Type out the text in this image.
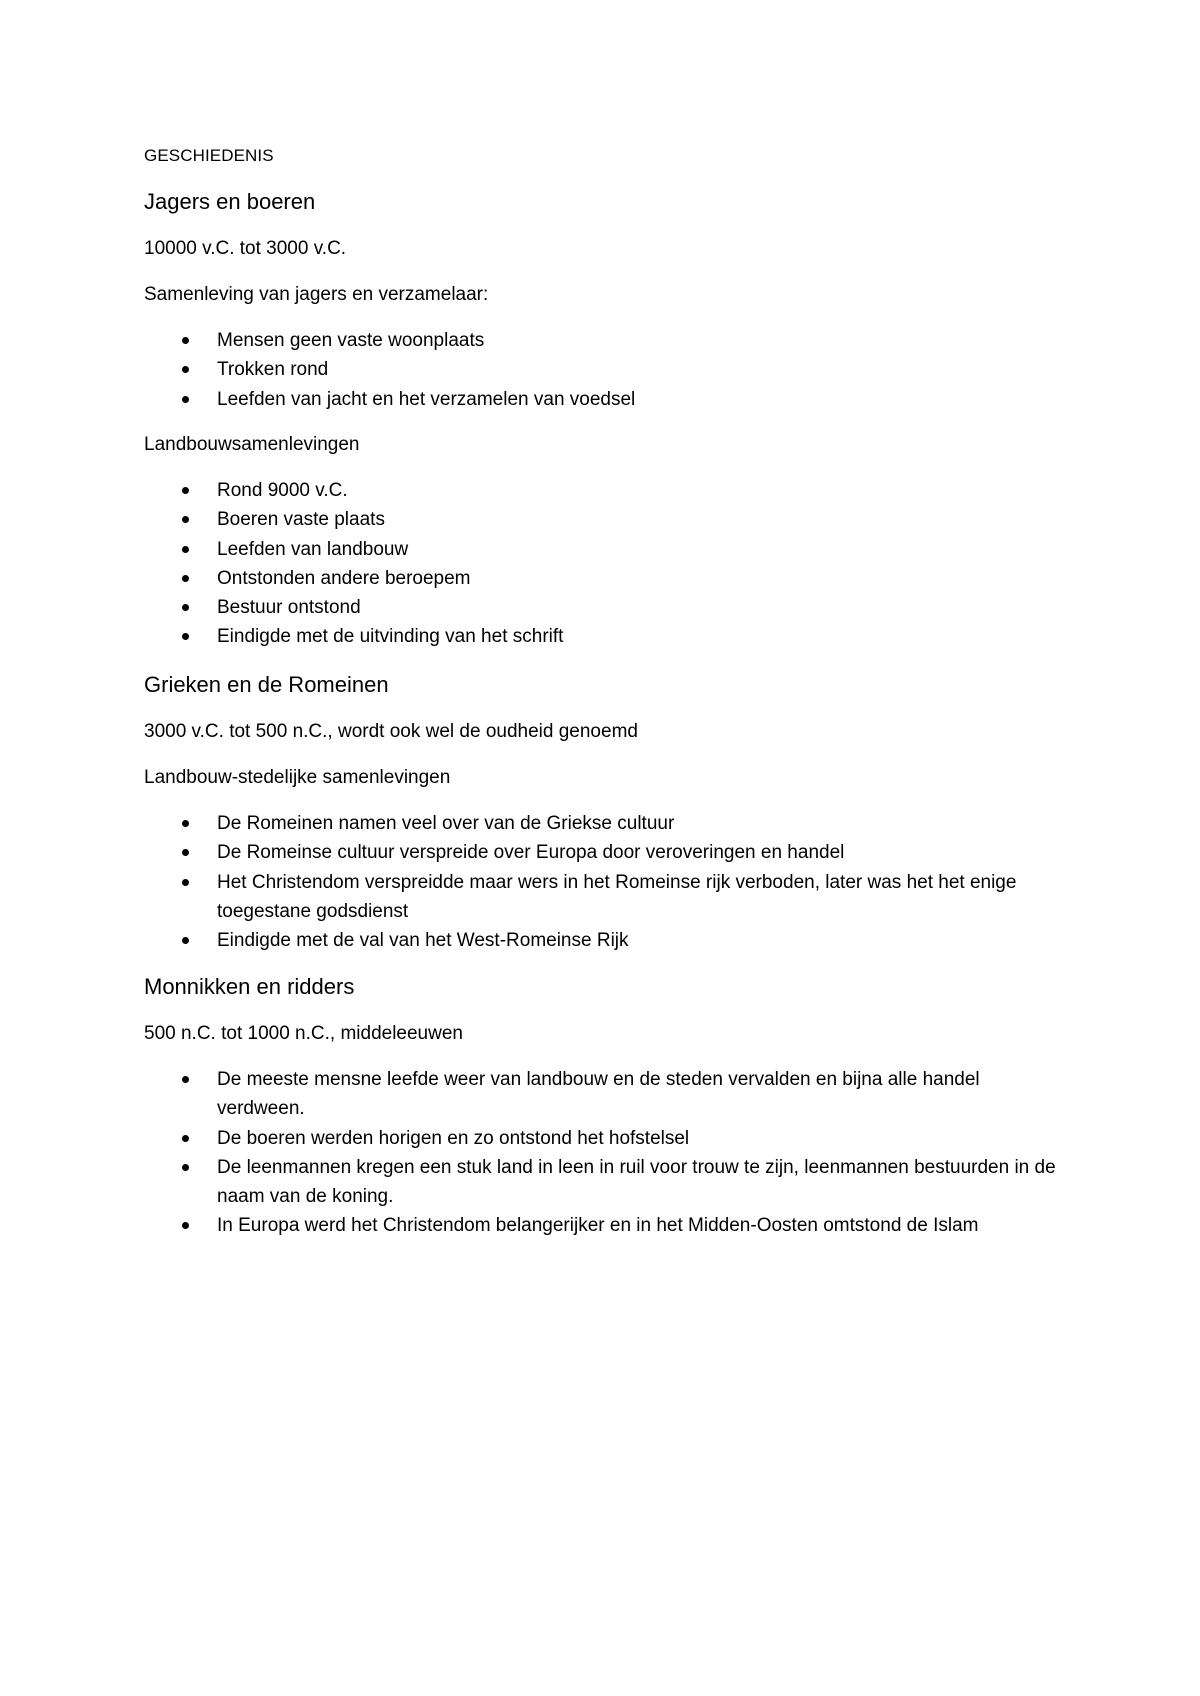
GESCHIEDENIS
Jagers en boeren
10000 v.C. tot 3000 v.C.
Samenleving van jagers en verzamelaar:
Mensen geen vaste woonplaats
Trokken rond
Leefden van jacht en het verzamelen van voedsel
Landbouwsamenlevingen
Rond 9000 v.C.
Boeren vaste plaats
Leefden van landbouw
Ontstonden andere beroepem
Bestuur ontstond
Eindigde met de uitvinding van het schrift
Grieken en de Romeinen
3000 v.C. tot 500 n.C., wordt ook wel de oudheid genoemd
Landbouw-stedelijke samenlevingen
De Romeinen namen veel over van de Griekse cultuur
De Romeinse cultuur verspreide over Europa door veroveringen en handel
Het Christendom verspreidde maar wers in het Romeinse rijk verboden, later was het het enige toegestane godsdienst
Eindigde met de val van het West-Romeinse Rijk
Monnikken en ridders
500 n.C. tot 1000 n.C., middeleeuwen
De meeste mensne leefde weer van landbouw en de steden vervalden en bijna alle handel verdween.
De boeren werden horigen en zo ontstond het hofstelsel
De leenmannen kregen een stuk land in leen in ruil voor trouw te zijn, leenmannen bestuurden in de naam van de koning.
In Europa werd het Christendom belangerijker en in het Midden-Oosten omtstond de Islam
